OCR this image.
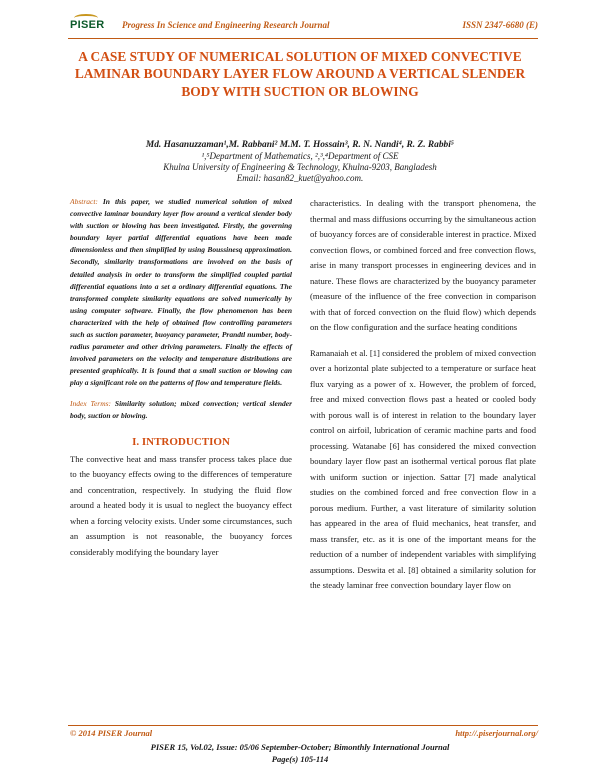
PISER Progress In Science and Engineering Research Journal	ISSN 2347-6680 (E)
A CASE STUDY OF NUMERICAL SOLUTION OF MIXED CONVECTIVE LAMINAR BOUNDARY LAYER FLOW AROUND A VERTICAL SLENDER BODY WITH SUCTION OR BLOWING
Md. Hasanuzzaman¹,M. Rabbani² M.M. T. Hossain³, R. N. Nandi⁴, R. Z. Rabbi⁵
¹,⁵Department of Mathematics, ²,³,⁴Department of CSE
Khulna University of Engineering & Technology, Khulna-9203, Bangladesh
Email: hasan82_kuet@yahoo.com.

Abstract: In this paper, we studied numerical solution of mixed convective laminar boundary layer flow around a vertical slender body with suction or blowing has been investigated. Firstly, the governing boundary layer partial differential equations have been made dimensionless and then simplified by using Boussinesq approximation. Secondly, similarity transformations are involved on the basis of detailed analysis in order to transform the simplified coupled partial differential equations into a set a ordinary differential equations. The transformed complete similarity equations are solved numerically by using computer software. Finally, the flow phenomenon has been characterized with the help of obtained flow controlling parameters such as suction parameter, buoyancy parameter, Prandtl number, body-radius parameter and other driving parameters. Finally the effects of involved parameters on the velocity and temperature distributions are presented graphically. It is found that a small suction or blowing can play a significant role on the patterns of flow and temperature fields.

Index Terms: Similarity solution; mixed convection; vertical slender body, suction or blowing.

I. INTRODUCTION

The convective heat and mass transfer process takes place due to the buoyancy effects owing to the differences of temperature and concentration, respectively. In studying the fluid flow around a heated body it is usual to neglect the buoyancy effect when a forcing velocity exists. Under some circumstances, such an assumption is not reasonable, the buoyancy forces considerably modifying the boundary layer

characteristics. In dealing with the transport phenomena, the thermal and mass diffusions occurring by the simultaneous action of buoyancy forces are of considerable interest in practice. Mixed convection flows, or combined forced and free convection flows, arise in many transport processes in engineering devices and in nature. These flows are characterized by the buoyancy parameter (measure of the influence of the free convection in comparison with that of forced convection on the fluid flow) which depends on the flow configuration and the surface heating conditions

Ramanaiah et al. [1] considered the problem of mixed convection over a horizontal plate subjected to a temperature or surface heat flux varying as a power of x. However, the problem of forced, free and mixed convection flows past a heated or cooled body with porous wall is of interest in relation to the boundary layer control on airfoil, lubrication of ceramic machine parts and food processing. Watanabe [6] has considered the mixed convection boundary layer flow past an isothermal vertical porous flat plate with uniform suction or injection. Sattar [7] made analytical studies on the combined forced and free convection flow in a porous medium. Further, a vast literature of similarity solution has appeared in the area of fluid mechanics, heat transfer, and mass transfer, etc. as it is one of the important means for the reduction of a number of independent variables with simplifying assumptions. Deswita et al. [8] obtained a similarity solution for the steady laminar free convection boundary layer flow on

© 2014 PISER Journal	http://.piserjournal.org/
PISER 15, Vol.02, Issue: 05/06 September-October; Bimonthly International Journal
Page(s) 105-114
